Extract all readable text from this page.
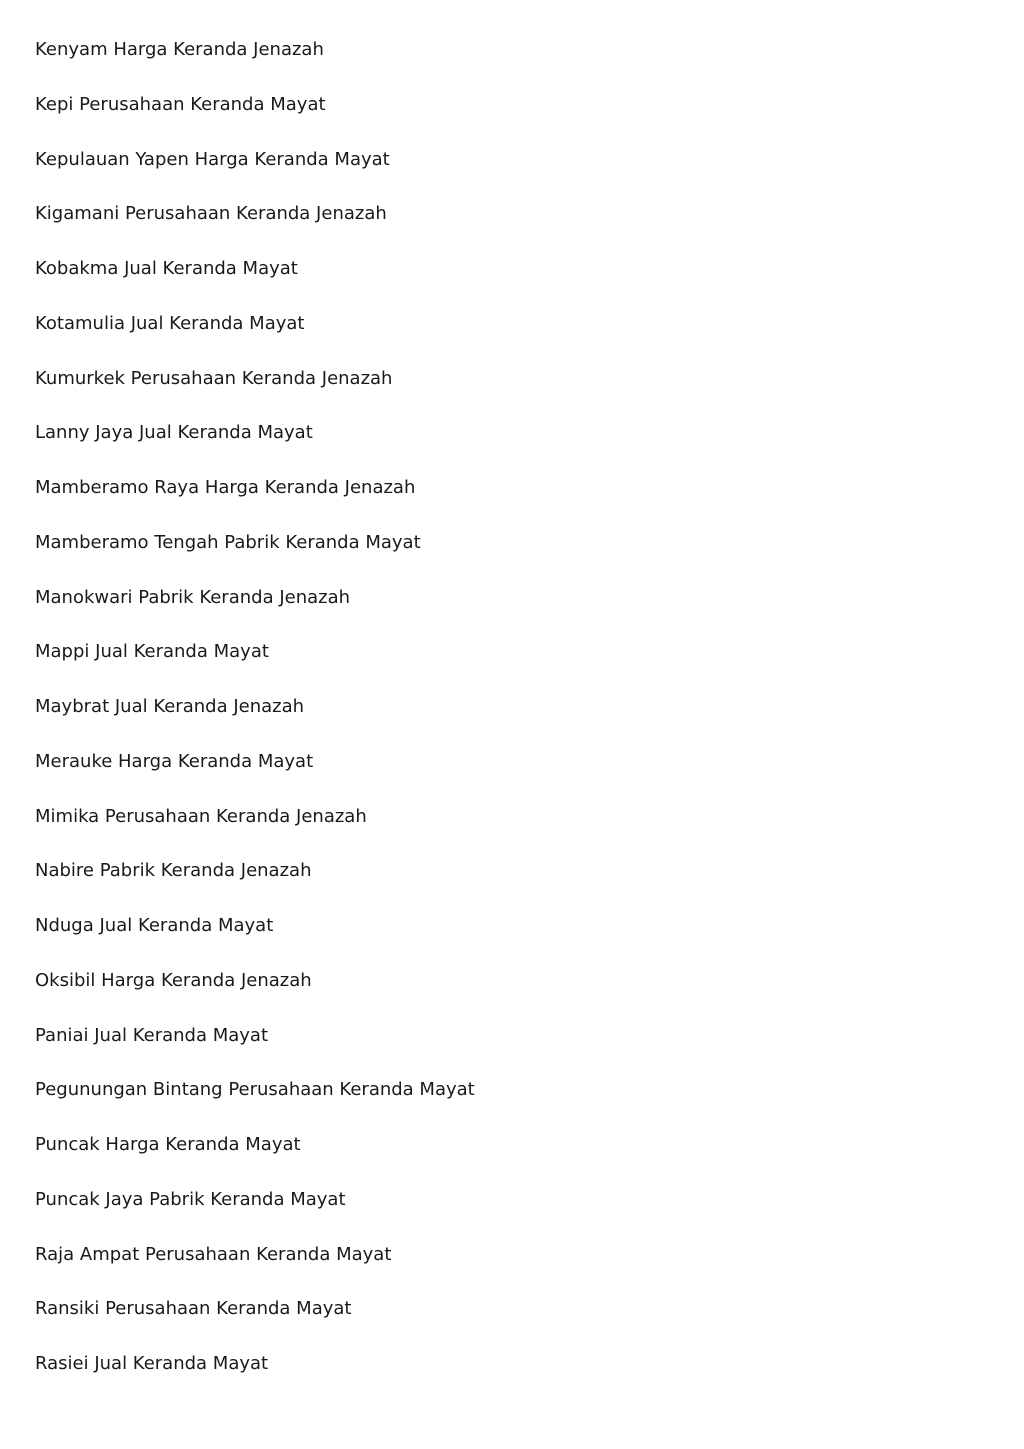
Kenyam Harga Keranda Jenazah
Kepi Perusahaan Keranda Mayat
Kepulauan Yapen Harga Keranda Mayat
Kigamani Perusahaan Keranda Jenazah
Kobakma Jual Keranda Mayat
Kotamulia Jual Keranda Mayat
Kumurkek Perusahaan Keranda Jenazah
Lanny Jaya Jual Keranda Mayat
Mamberamo Raya Harga Keranda Jenazah
Mamberamo Tengah Pabrik Keranda Mayat
Manokwari Pabrik Keranda Jenazah
Mappi Jual Keranda Mayat
Maybrat Jual Keranda Jenazah
Merauke Harga Keranda Mayat
Mimika Perusahaan Keranda Jenazah
Nabire Pabrik Keranda Jenazah
Nduga Jual Keranda Mayat
Oksibil Harga Keranda Jenazah
Paniai Jual Keranda Mayat
Pegunungan Bintang Perusahaan Keranda Mayat
Puncak Harga Keranda Mayat
Puncak Jaya Pabrik Keranda Mayat
Raja Ampat Perusahaan Keranda Mayat
Ransiki Perusahaan Keranda Mayat
Rasiei Jual Keranda Mayat
